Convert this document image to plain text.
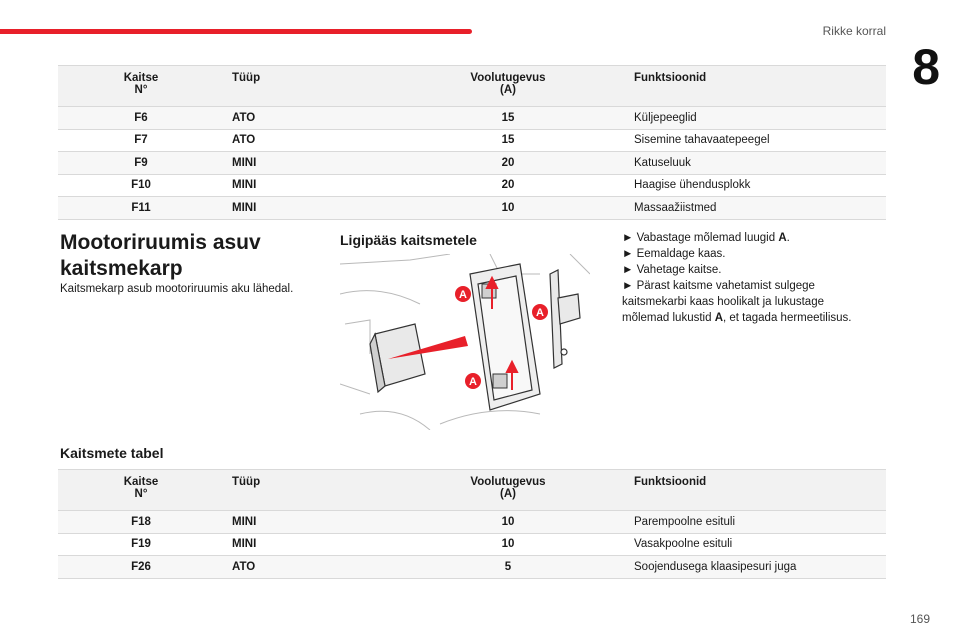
Rikke korral
8
Kaitse
N°	Tüüp	Voolutugevus
(A)	Funktsioonid
F6	ATO	15	Küljepeeglid
F7	ATO	15	Sisemine tahavaatepeegel
F9	MINI	20	Katuseluuk
F10	MINI	20	Haagise ühendusplokk
F11	MINI	10	Massaažiistmed
Mootoriruumis asuv kaitsmekarp
Kaitsmekarp asub mootoriruumis aku lähedal.
Ligipääs kaitsmetele
A
A
A
► Vabastage mõlemad luugid A.
► Eemaldage kaas.
► Vahetage kaitse.
► Pärast kaitsme vahetamist sulgege kaitsmekarbi kaas hoolikalt ja lukustage mõlemad lukustid A, et tagada hermeetilisus.
Kaitsmete tabel
Kaitse
N°	Tüüp	Voolutugevus
(A)	Funktsioonid
F18	MINI	10	Parempoolne esituli
F19	MINI	10	Vasakpoolne esituli
F26	ATO	5	Soojendusega klaasipesuri juga
169
